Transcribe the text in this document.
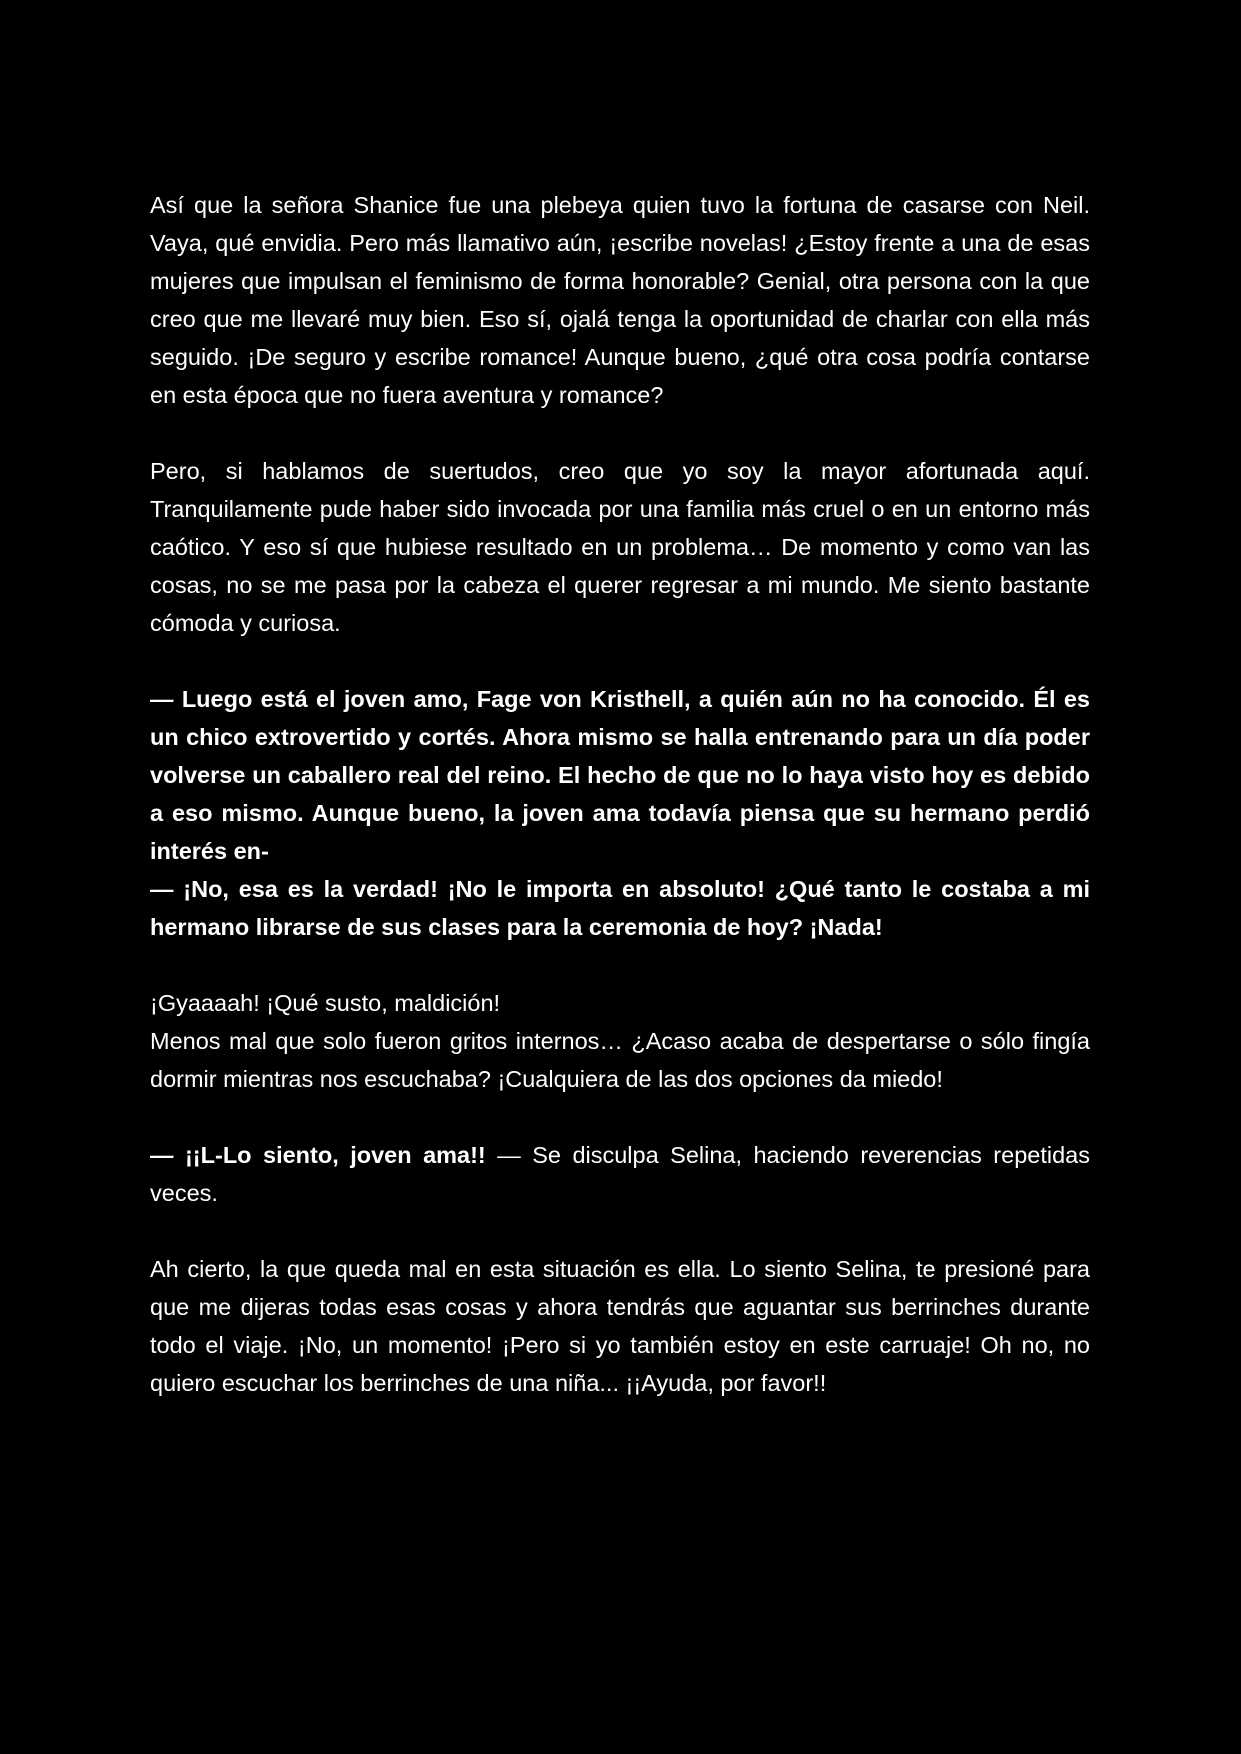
Así que la señora Shanice fue una plebeya quien tuvo la fortuna de casarse con Neil. Vaya, qué envidia. Pero más llamativo aún, ¡escribe novelas! ¿Estoy frente a una de esas mujeres que impulsan el feminismo de forma honorable? Genial, otra persona con la que creo que me llevaré muy bien. Eso sí, ojalá tenga la oportunidad de charlar con ella más seguido. ¡De seguro y escribe romance! Aunque bueno, ¿qué otra cosa podría contarse en esta época que no fuera aventura y romance?

Pero, si hablamos de suertudos, creo que yo soy la mayor afortunada aquí. Tranquilamente pude haber sido invocada por una familia más cruel o en un entorno más caótico. Y eso sí que hubiese resultado en un problema… De momento y como van las cosas, no se me pasa por la cabeza el querer regresar a mi mundo. Me siento bastante cómoda y curiosa.

— Luego está el joven amo, Fage von Kristhell, a quién aún no ha conocido. Él es un chico extrovertido y cortés. Ahora mismo se halla entrenando para un día poder volverse un caballero real del reino. El hecho de que no lo haya visto hoy es debido a eso mismo. Aunque bueno, la joven ama todavía piensa que su hermano perdió interés en-

— ¡No, esa es la verdad! ¡No le importa en absoluto! ¿Qué tanto le costaba a mi hermano librarse de sus clases para la ceremonia de hoy? ¡Nada!

¡Gyaaaah! ¡Qué susto, maldición!

Menos mal que solo fueron gritos internos… ¿Acaso acaba de despertarse o sólo fingía dormir mientras nos escuchaba? ¡Cualquiera de las dos opciones da miedo!

— ¡¡L-Lo siento, joven ama!! — Se disculpa Selina, haciendo reverencias repetidas veces.

Ah cierto, la que queda mal en esta situación es ella. Lo siento Selina, te presioné para que me dijeras todas esas cosas y ahora tendrás que aguantar sus berrinches durante todo el viaje. ¡No, un momento! ¡Pero si yo también estoy en este carruaje! Oh no, no quiero escuchar los berrinches de una niña... ¡¡Ayuda, por favor!!
